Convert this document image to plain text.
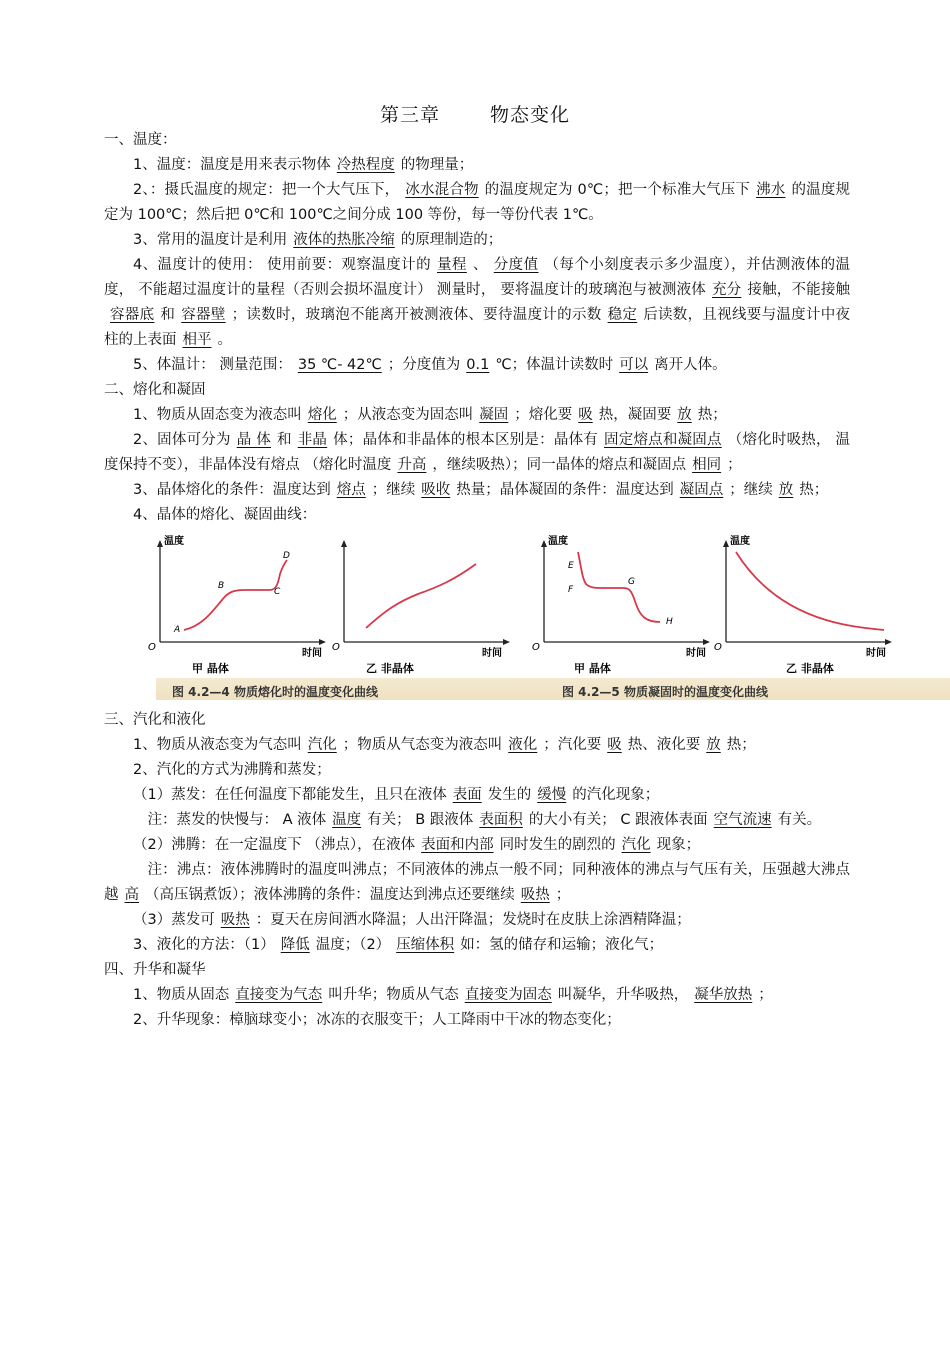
第三章	物态变化

一、温度：

1、温度：温度是用来表示物体 冷热程度 的物理量；

2、：摄氏温度的规定：把一个大气压下， 冰水混合物 的温度规定为 0℃；把一个标准大气压下 沸水 的温度规定为 100℃；然后把 0℃和 100℃之间分成 100 等份，每一等份代表 1℃。

3、常用的温度计是利用 液体的热胀冷缩 的原理制造的；

4、温度计的使用： 使用前要：观察温度计的 量程 、 分度值 （每个小刻度表示多少温度），并估测液体的温度， 不能超过温度计的量程（否则会损坏温度计） 测量时， 要将温度计的玻璃泡与被测液体 充分 接触，不能接触容器底 和 容器壁 ；读数时，玻璃泡不能离开被测液体、要待温度计的示数 稳定 后读数，且视线要与温度计中夜柱的上表面 相平 。

5、体温计： 测量范围： 35 ℃- 42℃ ；分度值为 0.1 ℃；体温计读数时 可以 离开人体。

二、熔化和凝固

1、物质从固态变为液态叫 熔化 ；从液态变为固态叫 凝固 ；熔化要 吸 热，凝固要 放 热；

2、固体可分为 晶 体 和 非晶 体；晶体和非晶体的根本区别是：晶体有 固定熔点和凝固点 （熔化时吸热， 温度保持不变），非晶体没有熔点 （熔化时温度 升高 ，继续吸热）；同一晶体的熔点和凝固点 相同 ；

3、晶体熔化的条件：温度达到 熔点 ；继续 吸收 热量；晶体凝固的条件：温度达到 凝固点 ；继续 放 热；

4、晶体的熔化、凝固曲线：

温度
时间
O
A
B
C
D
甲 晶体
O
时间
乙 非晶体
温度
时间
O
E
F
G
H
甲 晶体
温度
时间
O
乙 非晶体
图 4.2—4 物质熔化时的温度变化曲线	图 4.2—5 物质凝固时的温度变化曲线

三、汽化和液化

1、物质从液态变为气态叫 汽化 ；物质从气态变为液态叫 液化 ；汽化要 吸 热、液化要 放 热；

2、汽化的方式为沸腾和蒸发；

（1）蒸发：在任何温度下都能发生，且只在液体 表面 发生的 缓慢 的汽化现象；

注：蒸发的快慢与： A 液体 温度 有关； B 跟液体 表面积 的大小有关； C 跟液体表面 空气流速 有关。

（2）沸腾：在一定温度下 （沸点），在液体 表面和内部 同时发生的剧烈的 汽化 现象；

注：沸点：液体沸腾时的温度叫沸点；不同液体的沸点一般不同；同种液体的沸点与气压有关，压强越大沸点越 高 （高压锅煮饭）；液体沸腾的条件：温度达到沸点还要继续 吸热 ；

（3）蒸发可 吸热 ：夏天在房间洒水降温；人出汗降温；发烧时在皮肤上涂酒精降温；

3、液化的方法：（1） 降低 温度；（2） 压缩体积 如：氢的储存和运输；液化气；

四、升华和凝华

1、物质从固态 直接变为气态 叫升华；物质从气态 直接变为固态 叫凝华，升华吸热， 凝华放热 ；

2、升华现象：樟脑球变小；冰冻的衣服变干；人工降雨中干冰的物态变化；
